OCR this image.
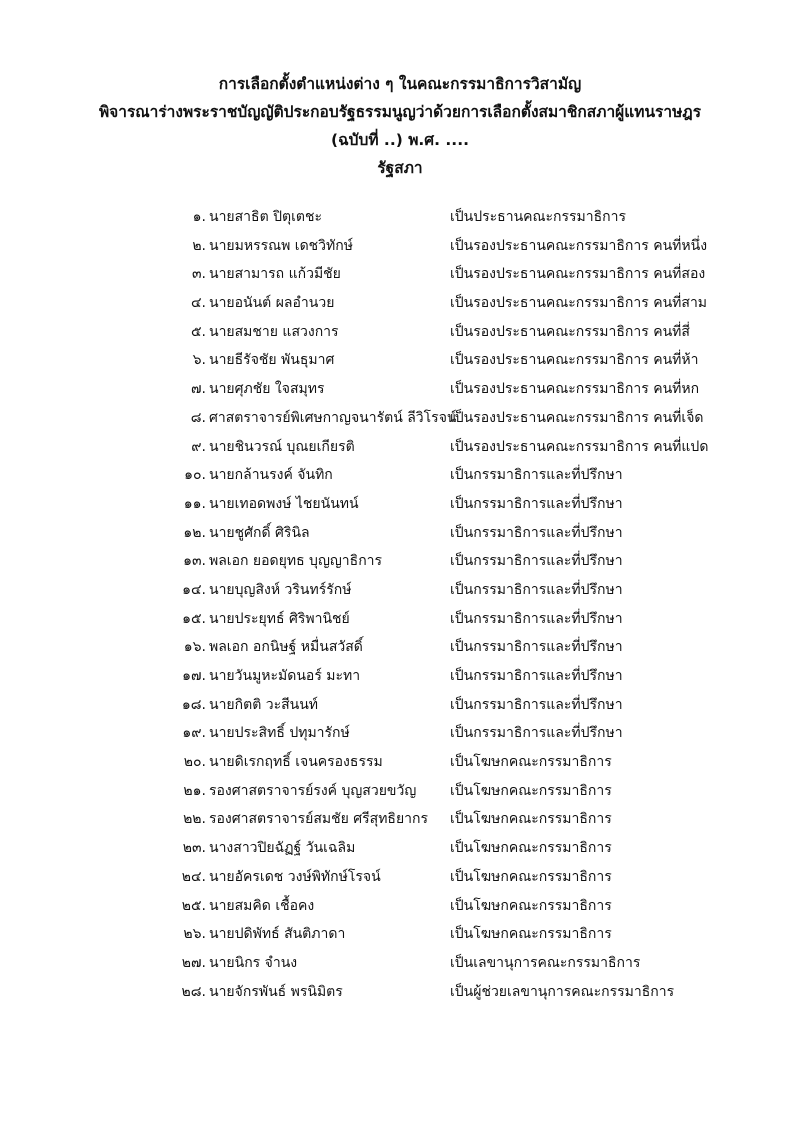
การเลือกตั้งตำแหน่งต่าง ๆ ในคณะกรรมาธิการวิสามัญ
พิจารณาร่างพระราชบัญญัติประกอบรัฐธรรมนูญว่าด้วยการเลือกตั้งสมาชิกสภาผู้แทนราษฎร
(ฉบับที่ ..) พ.ศ. ....
รัฐสภา
๑. นายสาธิต ปิตุเตชะ	เป็นประธานคณะกรรมาธิการ
๒. นายมหรรณพ เดชวิทักษ์	เป็นรองประธานคณะกรรมาธิการ คนที่หนึ่ง
๓. นายสามารถ แก้วมีชัย	เป็นรองประธานคณะกรรมาธิการ คนที่สอง
๔. นายอนันต์ ผลอำนวย	เป็นรองประธานคณะกรรมาธิการ คนที่สาม
๕. นายสมชาย แสวงการ	เป็นรองประธานคณะกรรมาธิการ คนที่สี่
๖. นายธีรัจชัย พันธุมาศ	เป็นรองประธานคณะกรรมาธิการ คนที่ห้า
๗. นายศุภชัย ใจสมุทร	เป็นรองประธานคณะกรรมาธิการ คนที่หก
๘. ศาสตราจารย์พิเศษกาญจนารัตน์ ลีวิโรจน์
เป็นรองประธานคณะกรรมาธิการ คนที่เจ็ด
๙. นายชินวรณ์ บุณยเกียรติ	เป็นรองประธานคณะกรรมาธิการ คนที่แปด
๑๐. นายกล้านรงค์ จันทิก	เป็นกรรมาธิการและที่ปรึกษา
๑๑. นายเทอดพงษ์ ไชยนันทน์	เป็นกรรมาธิการและที่ปรึกษา
๑๒. นายชูศักดิ์ ศิรินิล	เป็นกรรมาธิการและที่ปรึกษา
๑๓. พลเอก ยอดยุทธ บุญญาธิการ	เป็นกรรมาธิการและที่ปรึกษา
๑๔. นายบุญสิงห์ วรินทร์รักษ์	เป็นกรรมาธิการและที่ปรึกษา
๑๕. นายประยุทธ์ ศิริพานิชย์	เป็นกรรมาธิการและที่ปรึกษา
๑๖. พลเอก อกนิษฐ์ หมื่นสวัสดิ์	เป็นกรรมาธิการและที่ปรึกษา
๑๗. นายวันมูหะมัดนอร์ มะทา	เป็นกรรมาธิการและที่ปรึกษา
๑๘. นายกิตติ วะสีนนท์	เป็นกรรมาธิการและที่ปรึกษา
๑๙. นายประสิทธิ์ ปทุมารักษ์	เป็นกรรมาธิการและที่ปรึกษา
๒๐. นายดิเรกฤทธิ์ เจนครองธรรม	เป็นโฆษกคณะกรรมาธิการ
๒๑. รองศาสตราจารย์รงค์ บุญสวยขวัญ เป็นโฆษกคณะกรรมาธิการ
๒๒. รองศาสตราจารย์สมชัย ศรีสุทธิยากร เป็นโฆษกคณะกรรมาธิการ
๒๓. นางสาวปิยฉัฏฐ์ วันเฉลิม	เป็นโฆษกคณะกรรมาธิการ
๒๔. นายอัครเดช วงษ์พิทักษ์โรจน์	เป็นโฆษกคณะกรรมาธิการ
๒๕. นายสมคิด เชื้อคง	เป็นโฆษกคณะกรรมาธิการ
๒๖. นายปดิพัทธ์ สันติภาดา	เป็นโฆษกคณะกรรมาธิการ
๒๗. นายนิกร จำนง	เป็นเลขานุการคณะกรรมาธิการ
๒๘. นายจักรพันธ์ พรนิมิตร	เป็นผู้ช่วยเลขานุการคณะกรรมาธิการ
